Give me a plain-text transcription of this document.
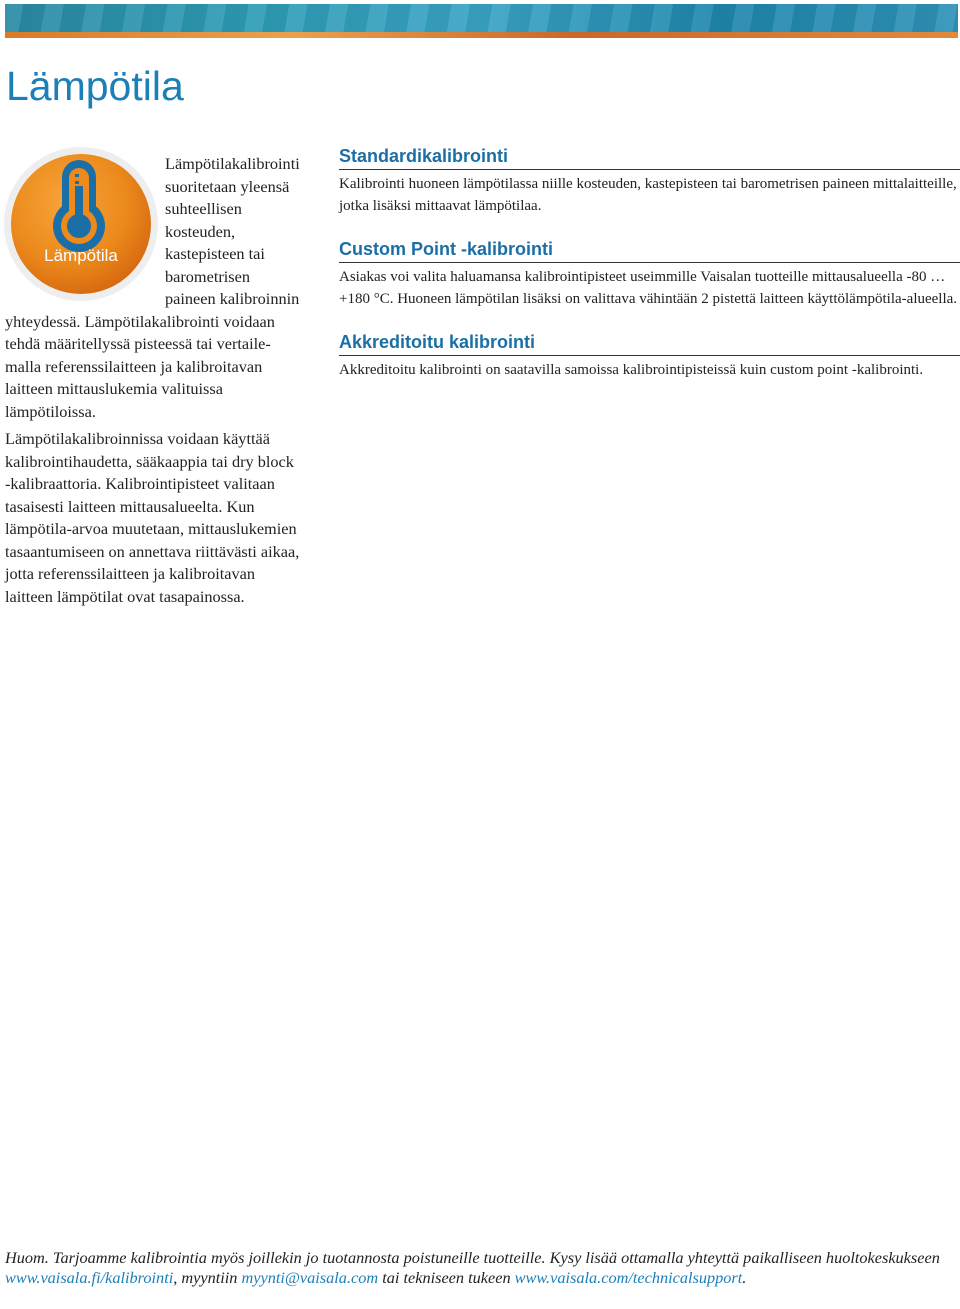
Lämpötila
Lämpötila

Lämpötilakalibrointi suoritetaan yleensä suhteellisen kosteuden, kastepisteen tai barometrisen paineen kalibroinnin yhteydessä. Lämpötilakalibrointi voidaan tehdä määritellyssä pisteessä tai vertailemalla referenssilaitteen ja kalibroitavan laitteen mittauslukemia valituissa lämpötiloissa.

Lämpötilakalibroinnissa voidaan käyttää kalibrointihaudetta, sääkaappia tai dry block ‑kalibraattoria. Kalibrointipisteet valitaan tasaisesti laitteen mittausalueelta. Kun lämpötila-arvoa muutetaan, mittauslukemien tasaantumiseen on annettava riittävästi aikaa, jotta referenssilaitteen ja kalibroitavan laitteen lämpötilat ovat tasapainossa.

Standardikalibrointi

Kalibrointi huoneen lämpötilassa niille kosteuden, kastepisteen tai barometrisen paineen mittalaitteille, jotka lisäksi mittaavat lämpötilaa.

Custom Point -kalibrointi

Asiakas voi valita haluamansa kalibrointipisteet useimmille Vaisalan tuotteille mittausalueella -80 … +180 °C. Huoneen lämpötilan lisäksi on valittava vähintään 2 pistettä laitteen käyttölämpötila-alueella.

Akkreditoitu kalibrointi

Akkreditoitu kalibrointi on saatavilla samoissa kalibrointipisteissä kuin custom point ‑kalibrointi.

Huom. Tarjoamme kalibrointia myös joillekin jo tuotannosta poistuneille tuotteille. Kysy lisää ottamalla yhteyttä paikalliseen huoltokeskukseen www.vaisala.fi/kalibrointi, myyntiin myynti@vaisala.com tai tekniseen tukeen www.vaisala.com/technicalsupport.
